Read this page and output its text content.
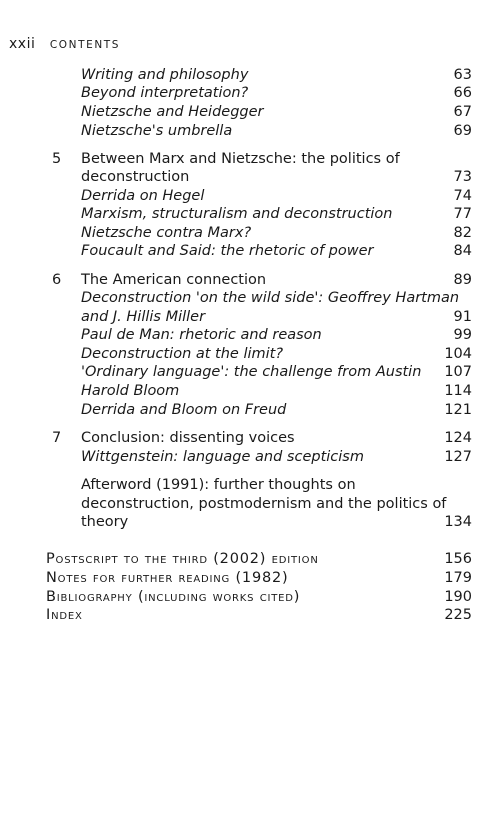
xxii CONTENTS
Writing and philosophy	63
Beyond interpretation?	66
Nietzsche and Heidegger	67
Nietzsche's umbrella	69
5 Between Marx and Nietzsche: the politics of
deconstruction	73
Derrida on Hegel	74
Marxism, structuralism and deconstruction	77
Nietzsche contra Marx?	82
Foucault and Said: the rhetoric of power	84
6 The American connection	89
Deconstruction 'on the wild side': Geoffrey Hartman
and J. Hillis Miller	91
Paul de Man: rhetoric and reason	99
Deconstruction at the limit?	104
'Ordinary language': the challenge from Austin 107
Harold Bloom	114
Derrida and Bloom on Freud	121
7 Conclusion: dissenting voices	124
Wittgenstein: language and scepticism	127
Afterword (1991): further thoughts on
deconstruction, postmodernism and the politics of
theory	134
Postscript to the third (2002) edition	156
Notes for further reading (1982)	179
Bibliography (including works cited)	190
Index	225
